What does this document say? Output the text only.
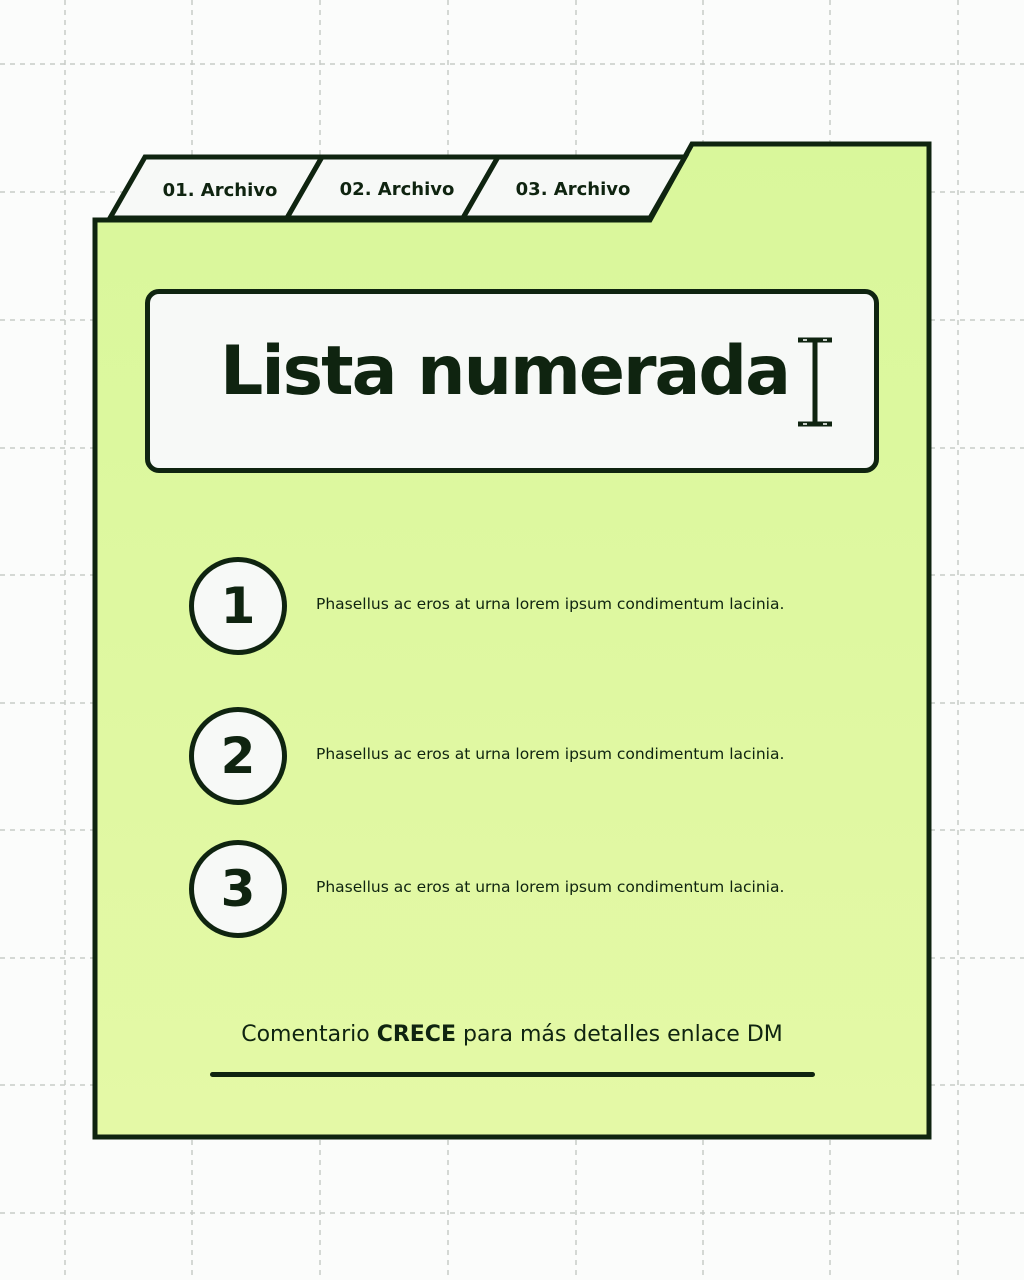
01. Archivo	02. Archivo	03. Archivo
Lista numerada
1	Phasellus ac eros at urna lorem ipsum condimentum lacinia.
2	Phasellus ac eros at urna lorem ipsum condimentum lacinia.
3	Phasellus ac eros at urna lorem ipsum condimentum lacinia.
Comentario CRECE para más detalles enlace DM
